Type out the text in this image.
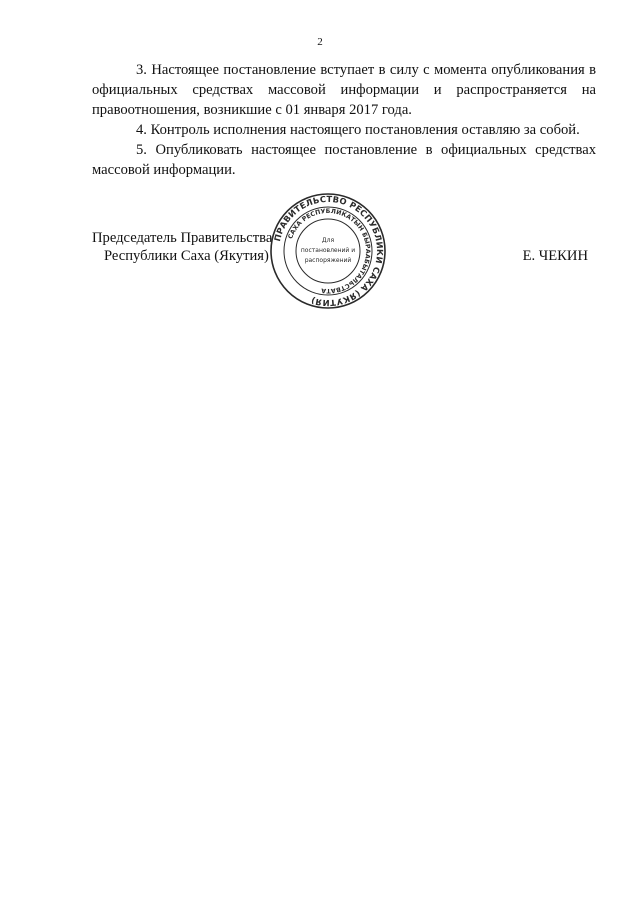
2

3. Настоящее постановление вступает в силу с момента опубликования в официальных средствах массовой информации и распространяется на правоотношения, возникшие с 01 января 2017 года.

4. Контроль исполнения настоящего постановления оставляю за собой.

5. Опубликовать настоящее постановление в официальных средствах массовой информации.

Председатель Правительства
Республики Саха (Якутия)	Е. ЧЕКИН
ПРАВИТЕЛЬСТВО РЕСПУБЛИКИ САХА (ЯКУТИЯ)
САХА РЕСПУБЛИКАТЫН БЫРААБЫТАЛЬСТВАТА
Для
постановлений и
распоряжений
